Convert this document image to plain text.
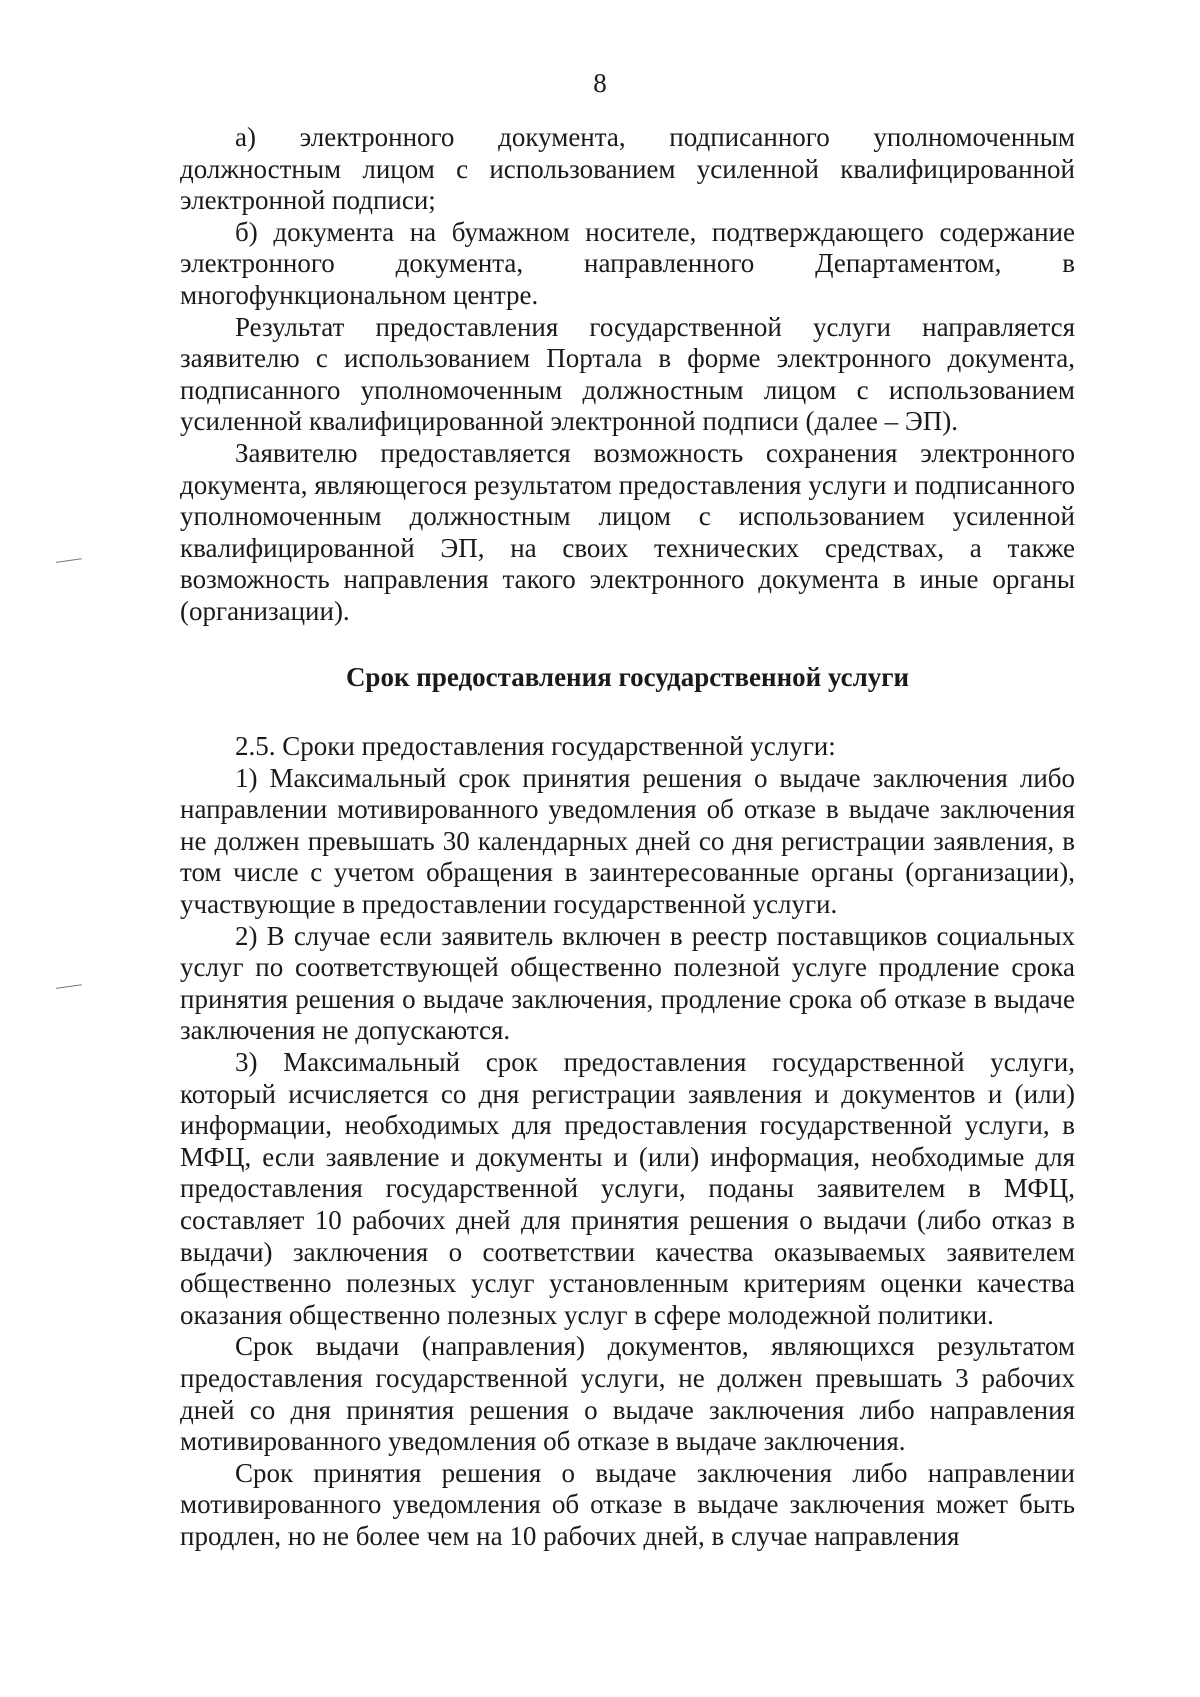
8

а) электронного документа, подписанного уполномоченным должностным лицом с использованием усиленной квалифицированной электронной подписи;

б) документа на бумажном носителе, подтверждающего содержание электронного документа, направленного Департаментом, в многофункциональном центре.

Результат предоставления государственной услуги направляется заявителю с использованием Портала в форме электронного документа, подписанного уполномоченным должностным лицом с использованием усиленной квалифицированной электронной подписи (далее – ЭП).

Заявителю предоставляется возможность сохранения электронного документа, являющегося результатом предоставления услуги и подписанного уполномоченным должностным лицом с использованием усиленной квалифицированной ЭП, на своих технических средствах, а также возможность направления такого электронного документа в иные органы (организации).

Срок предоставления государственной услуги

2.5. Сроки предоставления государственной услуги:

1) Максимальный срок принятия решения о выдаче заключения либо направлении мотивированного уведомления об отказе в выдаче заключения не должен превышать 30 календарных дней со дня регистрации заявления, в том числе с учетом обращения в заинтересованные органы (организации), участвующие в предоставлении государственной услуги.

2) В случае если заявитель включен в реестр поставщиков социальных услуг по соответствующей общественно полезной услуге продление срока принятия решения о выдаче заключения, продление срока об отказе в выдаче заключения не допускаются.

3) Максимальный срок предоставления государственной услуги, который исчисляется со дня регистрации заявления и документов и (или) информации, необходимых для предоставления государственной услуги, в МФЦ, если заявление и документы и (или) информация, необходимые для предоставления государственной услуги, поданы заявителем в МФЦ, составляет 10 рабочих дней для принятия решения о выдачи (либо отказ в выдачи) заключения о соответствии качества оказываемых заявителем общественно полезных услуг установленным критериям оценки качества оказания общественно полезных услуг в сфере молодежной политики.

Срок выдачи (направления) документов, являющихся результатом предоставления государственной услуги, не должен превышать 3 рабочих дней со дня принятия решения о выдаче заключения либо направления мотивированного уведомления об отказе в выдаче заключения.

Срок принятия решения о выдаче заключения либо направлении мотивированного уведомления об отказе в выдаче заключения может быть продлен, но не более чем на 10 рабочих дней, в случае направления
